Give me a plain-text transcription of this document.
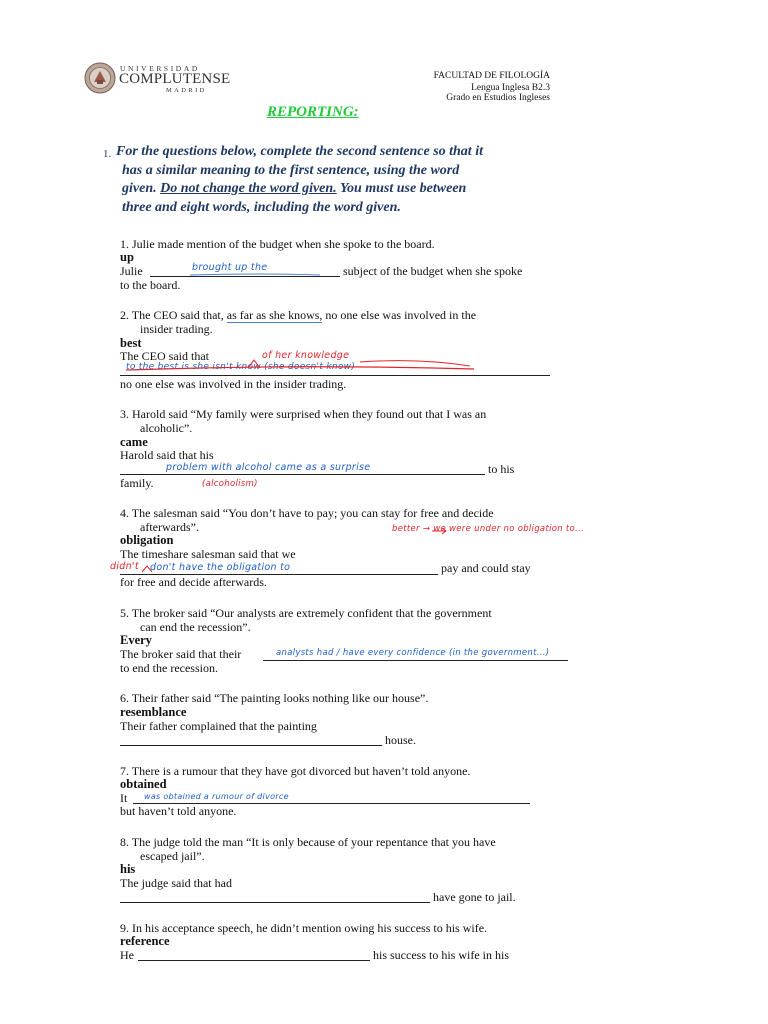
UNIVERSIDAD
COMPLUTENSE
MADRID
FACULTAD DE FILOLOGÍA
Lengua Inglesa B2.3
Grado en Estudios Ingleses
REPORTING:
1. For the questions below, complete the second sentence so that it
has a similar meaning to the first sentence, using the word
given. Do not change the word given. You must use between
three and eight words, including the word given.
1. Julie made mention of the budget when she spoke to the board.
up
Julie	brought up the	subject of the budget when she spoke
to the board.
2. The CEO said that, as far as she knows, no one else was involved in the
insider trading.
best
The CEO said that	of her knowledge
to the best is she isn't know (she doesn't know)
no one else was involved in the insider trading.
3. Harold said “My family were surprised when they found out that I was an
alcoholic”.
came
Harold said that his
problem with alcohol came as a surprise	to his
family.	(alcoholism)
4. The salesman said “You don’t have to pay; you can stay for free and decide
afterwards”.
obligation
better → we were under no obligation to...
The timeshare salesman said that we
didn't don't have the obligation to	pay and could stay
for free and decide afterwards.
5. The broker said “Our analysts are extremely confident that the government
can end the recession”.
Every
The broker said that their	analysts had / have every confidence (in the government...)
to end the recession.
6. Their father said “The painting looks nothing like our house”.
resemblance
Their father complained that the painting
house.
7. There is a rumour that they have got divorced but haven’t told anyone.
obtained
It was obtained a rumour of divorce
but haven’t told anyone.
8. The judge told the man “It is only because of your repentance that you have
escaped jail”.
his
The judge said that had
have gone to jail.
9. In his acceptance speech, he didn’t mention owing his success to his wife.
reference
He	his success to his wife in his
